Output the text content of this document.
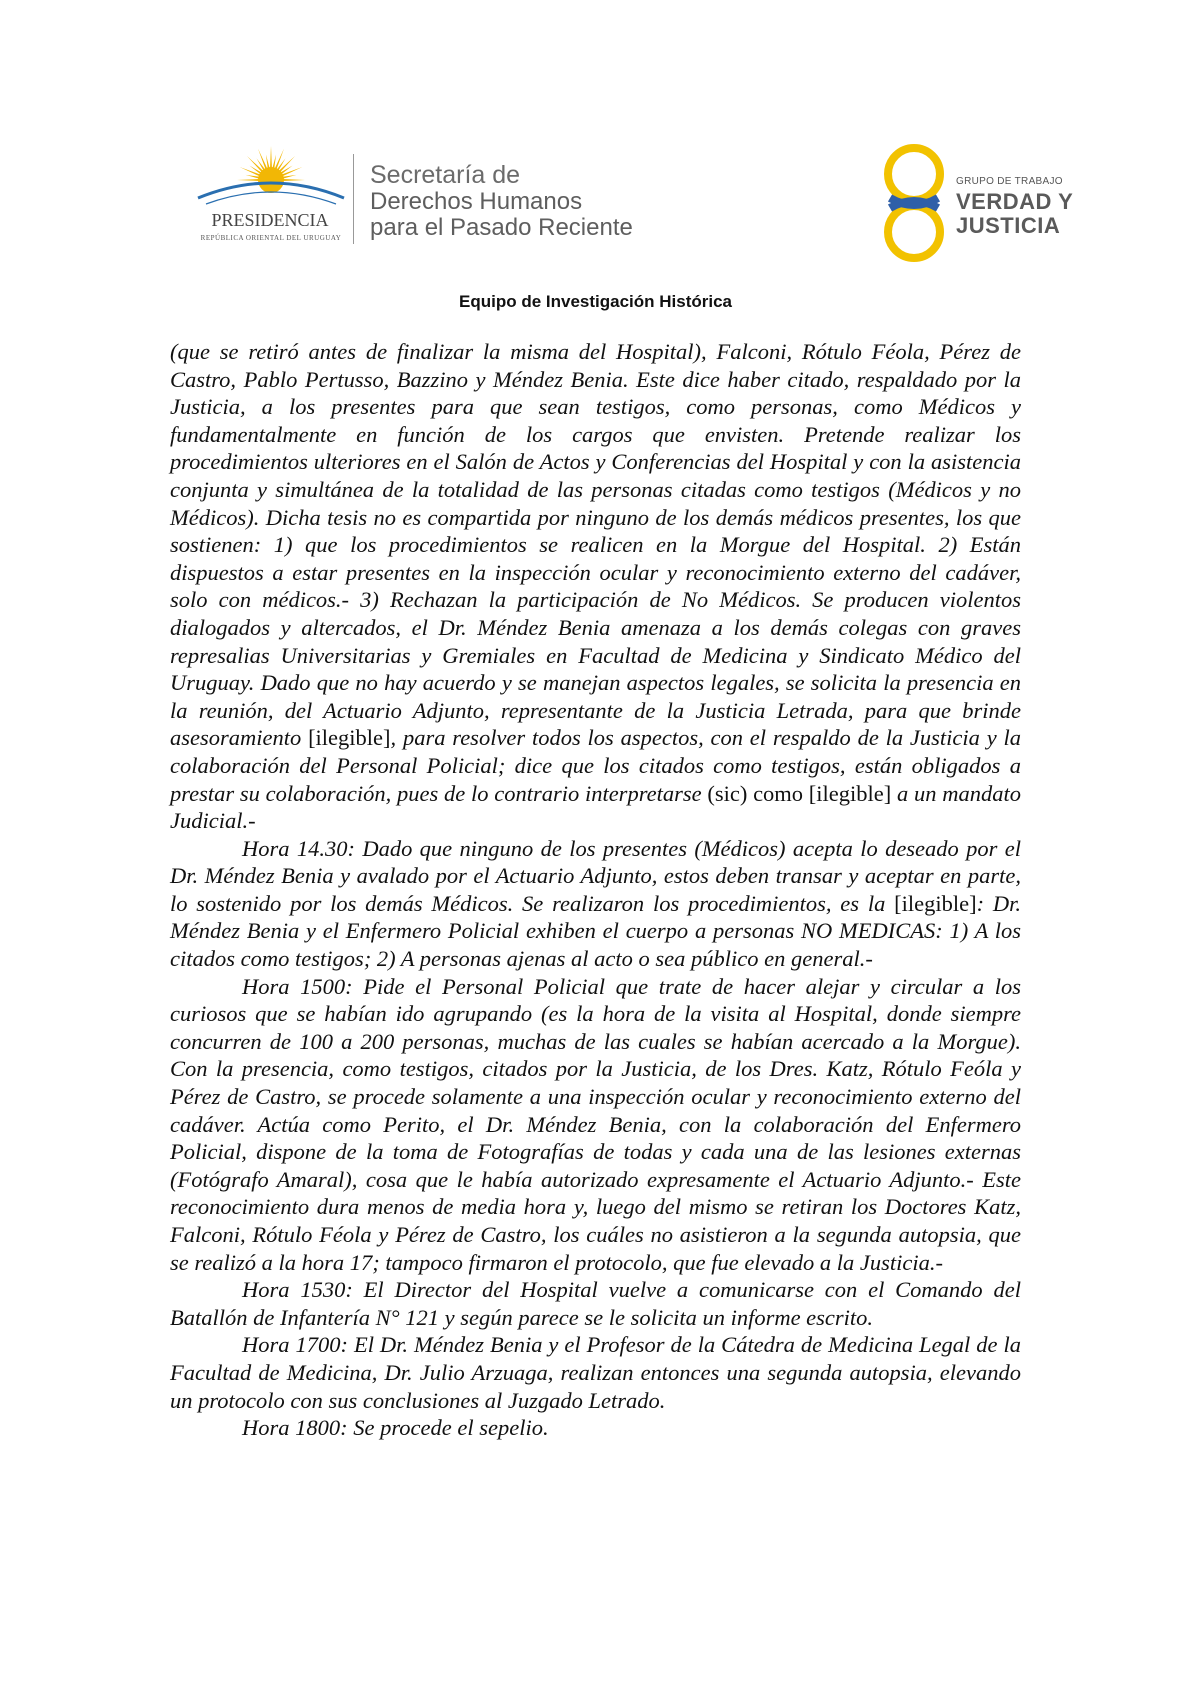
PRESIDENCIA
REPÚBLICA ORIENTAL DEL URUGUAY
Secretaría de
Derechos Humanos
para el Pasado Reciente
GRUPO DE TRABAJO
VERDAD Y
JUSTICIA
Equipo de Investigación Histórica

(que se retiró antes de finalizar la misma del Hospital), Falconi, Rótulo Féola, Pérez de Castro, Pablo Pertusso, Bazzino y Méndez Benia. Este dice haber citado, respaldado por la Justicia, a los presentes para que sean testigos, como personas, como Médicos y fundamentalmente en función de los cargos que envisten. Pretende realizar los procedimientos ulteriores en el Salón de Actos y Conferencias del Hospital y con la asistencia conjunta y simultánea de la totalidad de las personas citadas como testigos (Médicos y no Médicos). Dicha tesis no es compartida por ninguno de los demás médicos presentes, los que sostienen: 1) que los procedimientos se realicen en la Morgue del Hospital. 2) Están dispuestos a estar presentes en la inspección ocular y reconocimiento externo del cadáver, solo con médicos.- 3) Rechazan la participación de No Médicos. Se producen violentos dialogados y altercados, el Dr. Méndez Benia amenaza a los demás colegas con graves represalias Universitarias y Gremiales en Facultad de Medicina y Sindicato Médico del Uruguay. Dado que no hay acuerdo y se manejan aspectos legales, se solicita la presencia en la reunión, del Actuario Adjunto, representante de la Justicia Letrada, para que brinde asesoramiento [ilegible], para resolver todos los aspectos, con el respaldo de la Justicia y la colaboración del Personal Policial; dice que los citados como testigos, están obligados a prestar su colaboración, pues de lo contrario interpretarse (sic) como [ilegible] a un mandato Judicial.-

Hora 14.30: Dado que ninguno de los presentes (Médicos) acepta lo deseado por el Dr. Méndez Benia y avalado por el Actuario Adjunto, estos deben transar y aceptar en parte, lo sostenido por los demás Médicos. Se realizaron los procedimientos, es la [ilegible]: Dr. Méndez Benia y el Enfermero Policial exhiben el cuerpo a personas NO MEDICAS: 1) A los citados como testigos; 2) A personas ajenas al acto o sea público en general.-

Hora 1500: Pide el Personal Policial que trate de hacer alejar y circular a los curiosos que se habían ido agrupando (es la hora de la visita al Hospital, donde siempre concurren de 100 a 200 personas, muchas de las cuales se habían acercado a la Morgue). Con la presencia, como testigos, citados por la Justicia, de los Dres. Katz, Rótulo Feóla y Pérez de Castro, se procede solamente a una inspección ocular y reconocimiento externo del cadáver. Actúa como Perito, el Dr. Méndez Benia, con la colaboración del Enfermero Policial, dispone de la toma de Fotografías de todas y cada una de las lesiones externas (Fotógrafo Amaral), cosa que le había autorizado expresamente el Actuario Adjunto.- Este reconocimiento dura menos de media hora y, luego del mismo se retiran los Doctores Katz, Falconi, Rótulo Féola y Pérez de Castro, los cuáles no asistieron a la segunda autopsia, que se realizó a la hora 17; tampoco firmaron el protocolo, que fue elevado a la Justicia.-

Hora 1530: El Director del Hospital vuelve a comunicarse con el Comando del Batallón de Infantería N° 121 y según parece se le solicita un informe escrito.

Hora 1700: El Dr. Méndez Benia y el Profesor de la Cátedra de Medicina Legal de la Facultad de Medicina, Dr. Julio Arzuaga, realizan entonces una segunda autopsia, elevando un protocolo con sus conclusiones al Juzgado Letrado.

Hora 1800: Se procede el sepelio.
